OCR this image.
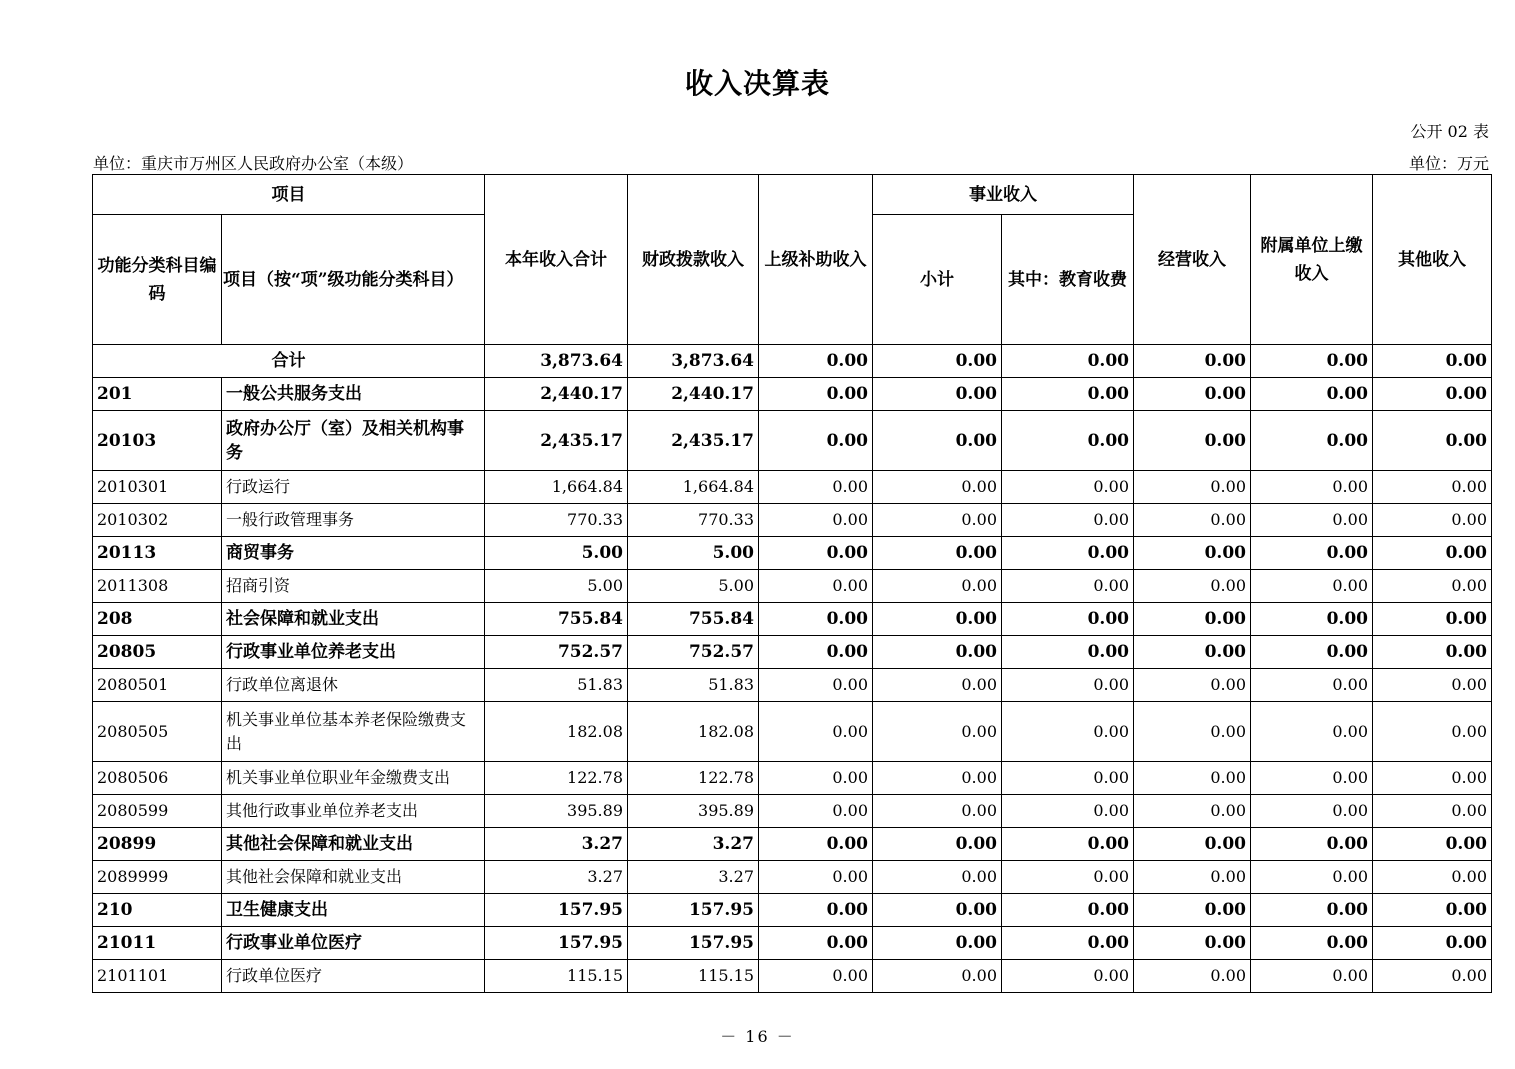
收入决算表
公开 02 表
单位：重庆市万州区人民政府办公室（本级）	单位：万元
项目		本年收入合计	财政拨款收入	上级补助收入	事业收入		经营收入	附属单位上缴收入	其他收入
功能分类科目编码	项目（按“项”级功能分类科目）				小计	其中：教育收费			
合计		3,873.64	3,873.64	0.00	0.00	0.00	0.00	0.00	0.00
201	一般公共服务支出	2,440.17	2,440.17	0.00	0.00	0.00	0.00	0.00	0.00
20103	政府办公厅（室）及相关机构事务	2,435.17	2,435.17	0.00	0.00	0.00	0.00	0.00	0.00
2010301	行政运行	1,664.84	1,664.84	0.00	0.00	0.00	0.00	0.00	0.00
2010302	一般行政管理事务	770.33	770.33	0.00	0.00	0.00	0.00	0.00	0.00
20113	商贸事务	5.00	5.00	0.00	0.00	0.00	0.00	0.00	0.00
2011308	招商引资	5.00	5.00	0.00	0.00	0.00	0.00	0.00	0.00
208	社会保障和就业支出	755.84	755.84	0.00	0.00	0.00	0.00	0.00	0.00
20805	行政事业单位养老支出	752.57	752.57	0.00	0.00	0.00	0.00	0.00	0.00
2080501	行政单位离退休	51.83	51.83	0.00	0.00	0.00	0.00	0.00	0.00
2080505	机关事业单位基本养老保险缴费支出	182.08	182.08	0.00	0.00	0.00	0.00	0.00	0.00
2080506	机关事业单位职业年金缴费支出	122.78	122.78	0.00	0.00	0.00	0.00	0.00	0.00
2080599	其他行政事业单位养老支出	395.89	395.89	0.00	0.00	0.00	0.00	0.00	0.00
20899	其他社会保障和就业支出	3.27	3.27	0.00	0.00	0.00	0.00	0.00	0.00
2089999	其他社会保障和就业支出	3.27	3.27	0.00	0.00	0.00	0.00	0.00	0.00
210	卫生健康支出	157.95	157.95	0.00	0.00	0.00	0.00	0.00	0.00
21011	行政事业单位医疗	157.95	157.95	0.00	0.00	0.00	0.00	0.00	0.00
2101101	行政单位医疗	115.15	115.15	0.00	0.00	0.00	0.00	0.00	0.00
－ 16 －
